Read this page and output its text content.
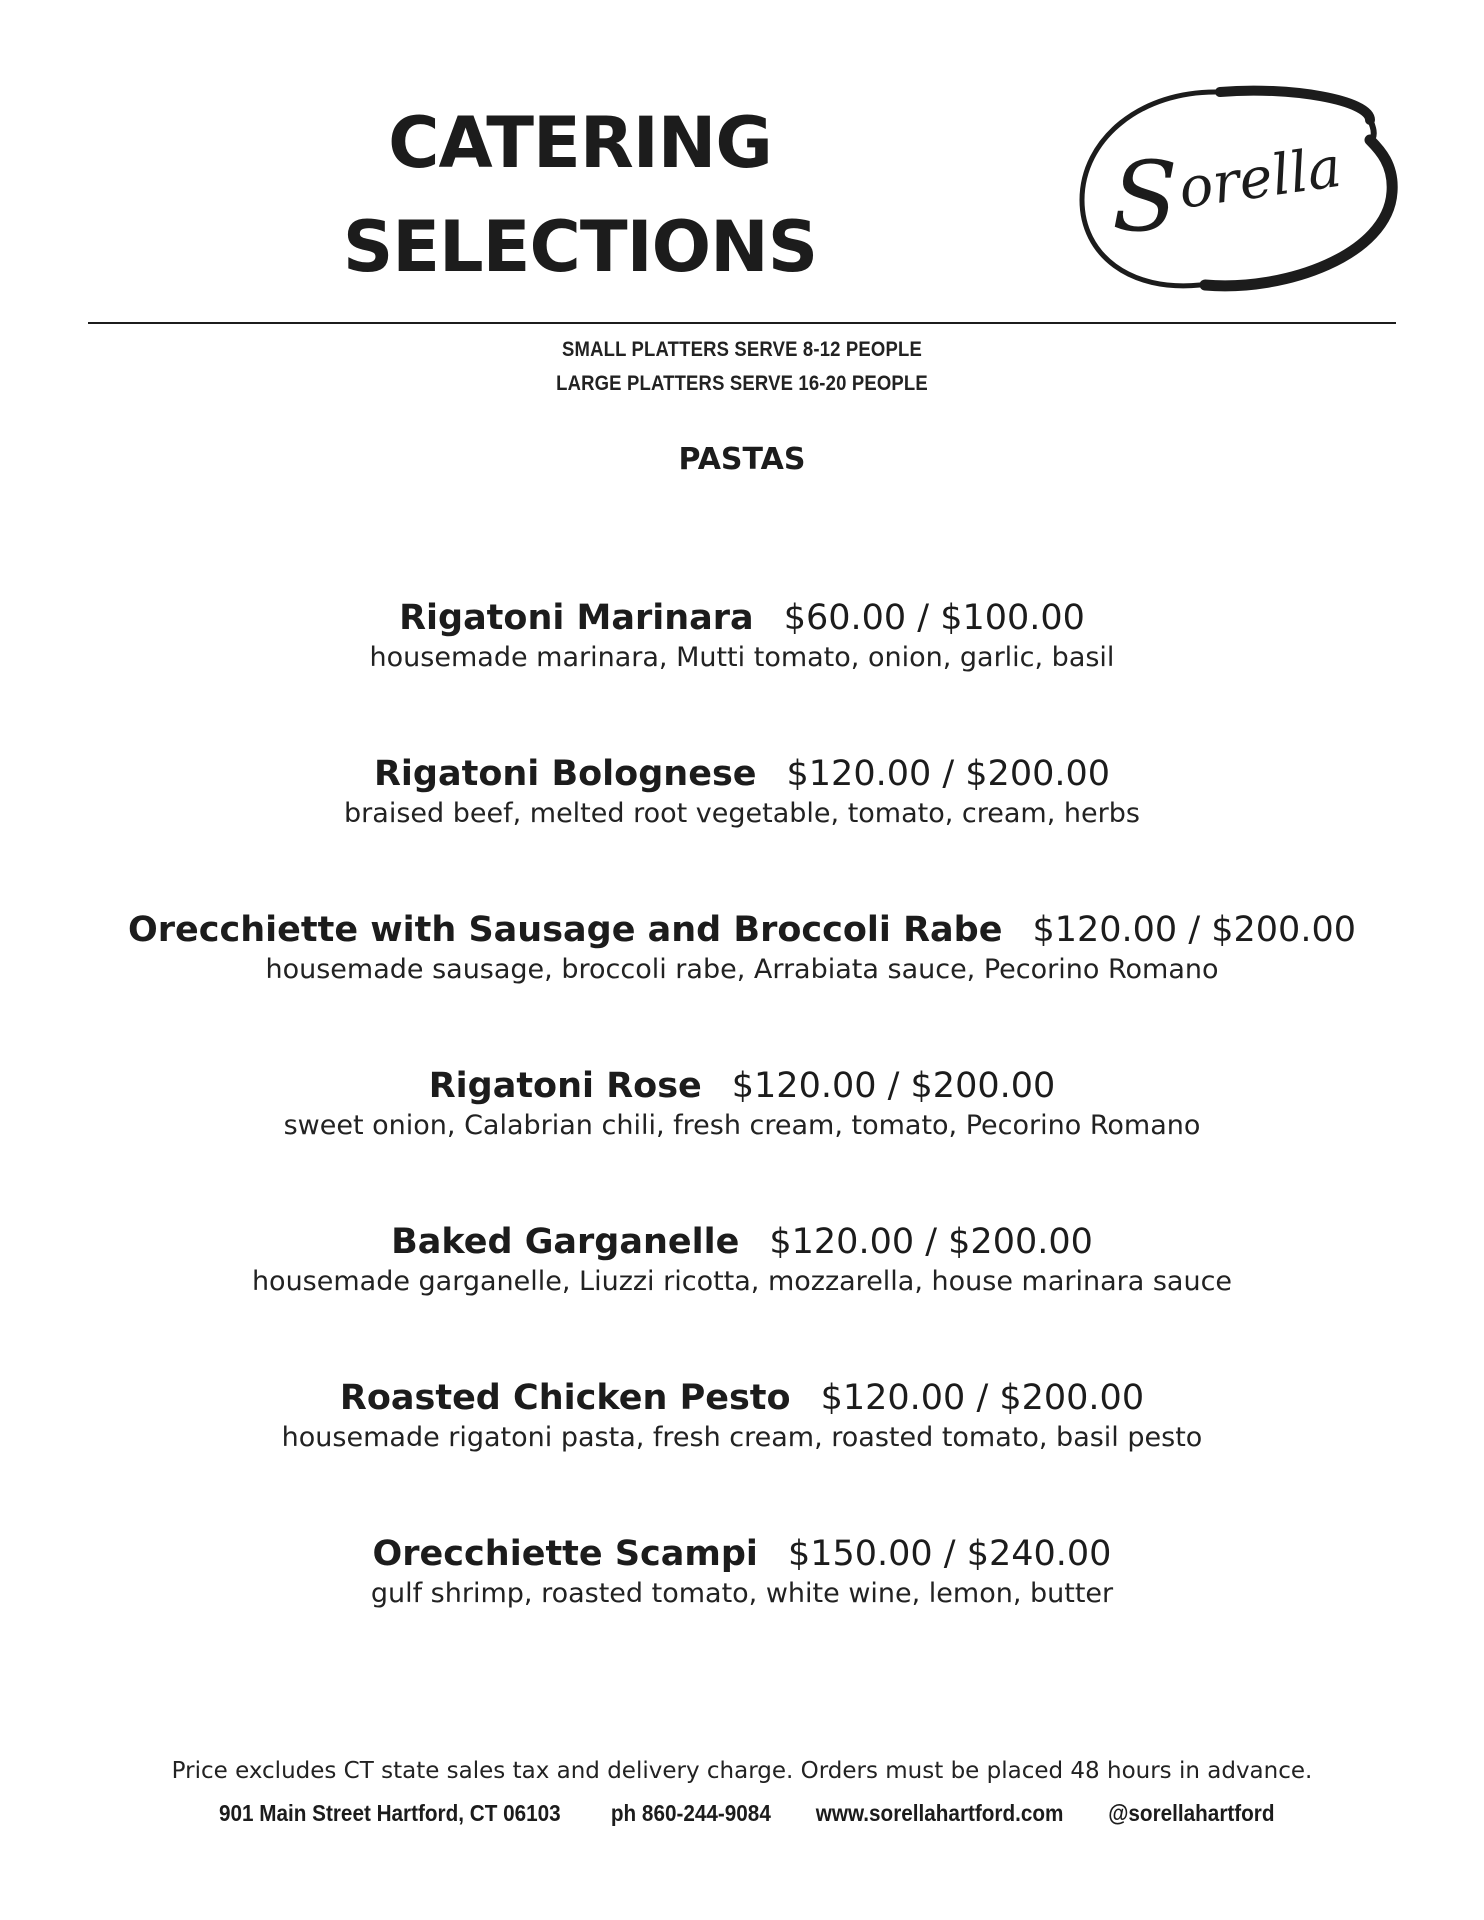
CATERING
SELECTIONS	S
orella
SMALL PLATTERS SERVE 8-12 PEOPLE
LARGE PLATTERS SERVE 16-20 PEOPLE
PASTAS
Rigatoni Marinara $60.00 / $100.00
housemade marinara, Mutti tomato, onion, garlic, basil
Rigatoni Bolognese $120.00 / $200.00
braised beef, melted root vegetable, tomato, cream, herbs
Orecchiette with Sausage and Broccoli Rabe $120.00 / $200.00
housemade sausage, broccoli rabe, Arrabiata sauce, Pecorino Romano
Rigatoni Rose $120.00 / $200.00
sweet onion, Calabrian chili, fresh cream, tomato, Pecorino Romano
Baked Garganelle $120.00 / $200.00
housemade garganelle, Liuzzi ricotta, mozzarella, house marinara sauce
Roasted Chicken Pesto $120.00 / $200.00
housemade rigatoni pasta, fresh cream, roasted tomato, basil pesto
Orecchiette Scampi $150.00 / $240.00
gulf shrimp, roasted tomato, white wine, lemon, butter
Price excludes CT state sales tax and delivery charge. Orders must be placed 48 hours in advance.
901 Main Street Hartford, CT 06103 ph 860-244-9084 www.sorellahartford.com @sorellahartford
